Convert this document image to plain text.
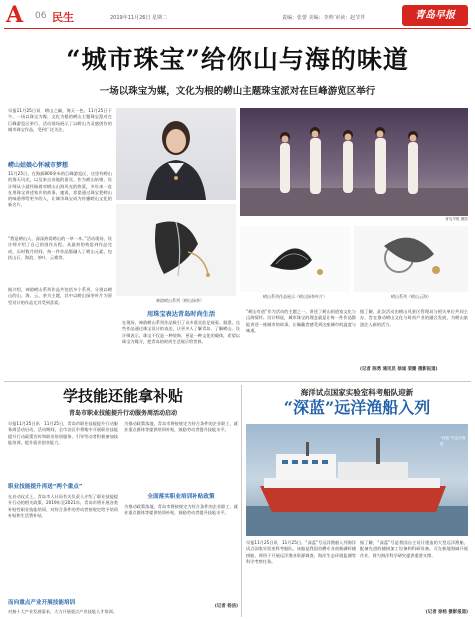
A 06 民生	2019年11月26日 星期二	责编：张蕾 美编：李帅 审读：赵节芹	青岛早报
“城市珠宝”给你山与海的味道
一场以珠宝为媒，文化为根的崂山主题珠宝派对在巨峰游览区举行
早报11月25日讯　崂山之巅，海天一色。11月25日下午，一场以珠宝为媒、文化为根的崂山主题珠宝派对在巨峰游览区举行，活动现场展示了以崂山为灵感创作的城市珠宝作品，受到广泛关注。
崂山姑娘心怀城市梦想
11月25日，在海拔800余米的巨峰游览区，这里有崂山的海天风光，以及来自各地的嘉宾。作为崂山姑娘，设计师从小就怀揣着对崂山山海风光的热爱，多年来一直在用珠宝讲述家乡的故事。她说，希望通过珠宝把崂山的味道带给更多的人，让城市珠宝成为传播崂山文化的新名片。
“我是崂山人，深深热爱崂山的一草一木。”活动现场，设计师介绍了自己的创作历程。从最初的构思到作品完成，历时数月时间，每一件作品都融入了崂山元素，包括山石、海浪、茶叶、云雾等。
据介绍，神韵崂山系列作品共包括多个系列，分别以崂山的山、海、云、茶为主题，其中以崂山绿茶叶片为原型设计的作品尤其受到喜爱。
青岛早报 摄影
神韵崂山系列（崂山绿茶）
崂山系列作品展示（崂山绿茶叶片）	崂山系列（崂山云海）
用珠宝表达青岛时尚生活
在现场，神韵崂山系列作品吸引了众多嘉宾驻足观看。据悉，这些作品通过珠宝设计的表达，让更多人了解青岛、了解崂山。设计师表示，珠宝不仅是一种装饰，更是一种文化的载体，希望以珠宝为媒介，把青岛的时尚生活展示给世界。
“崂山有道”作为活动的主题之一，讲述了崂山的道家文化与山海情怀。设计师说，城市珠宝的理念就是让每一件作品都能讲述一座城市的故事，让佩戴者感受到这座城市的温度与味道。
据了解，此次活动由崂山风景区管理局与相关单位共同主办，旨在推动崂山文化与时尚产业的融合发展，为崂山旅游注入新的活力。
(记者 陈勇 通讯员 徐诚 栾姗 摄影报道)
学技能还能拿补贴
青岛市职业技能提升行动服务周活动启动
早报11月25日讯　11月25日，青岛市职业技能提升行动服务周活动启动，活动期间，全市各区市将集中开展职业技能提升行动政策宣传和职业培训服务，引导劳动者积极参加技能培训，提升就业创业能力。
职业技能提升再送“两个重点”
在启动仪式上，青岛市人社局有关负责人介绍了职业技能提升行动的相关政策。2019年至2021年，青岛市将开展各类补贴性职业技能培训，对符合条件的劳动者按规定给予培训补贴和生活费补贴。
而向重点产业开展技能培训
对接十大产业发展需求，大力开展重点产业技能人才培训。
为推动政策落地，青岛市将按规定为符合条件的企业职工、就业重点群体等提供培训补贴，鼓励劳动者提升技能水平。
全面落实职业培训补贴政策
为推动政策落地，青岛市将按规定为符合条件的企业职工、就业重点群体等提供培训补贴，鼓励劳动者提升技能水平。
(记者 杨洁)
海洋试点国家实验室科考船队迎新
“深蓝”远洋渔船入列
“深蓝”号远洋渔船
早报11月25日讯　11月25日，“深蓝”号远洋渔船入列海洋试点国家实验室科考船队。该船是我国首艘专业南极磷虾捕捞船，将用于开展远洋渔业资源调查、海洋生态环境监测等科学考察任务。
据了解，“深蓝”号是我国自主设计建造的大型远洋渔船，配备先进的捕捞加工设备和科研设备，可在极地海域开展作业，将为海洋科学研究提供重要支撑。
(记者 徐杨 摄影报道)
